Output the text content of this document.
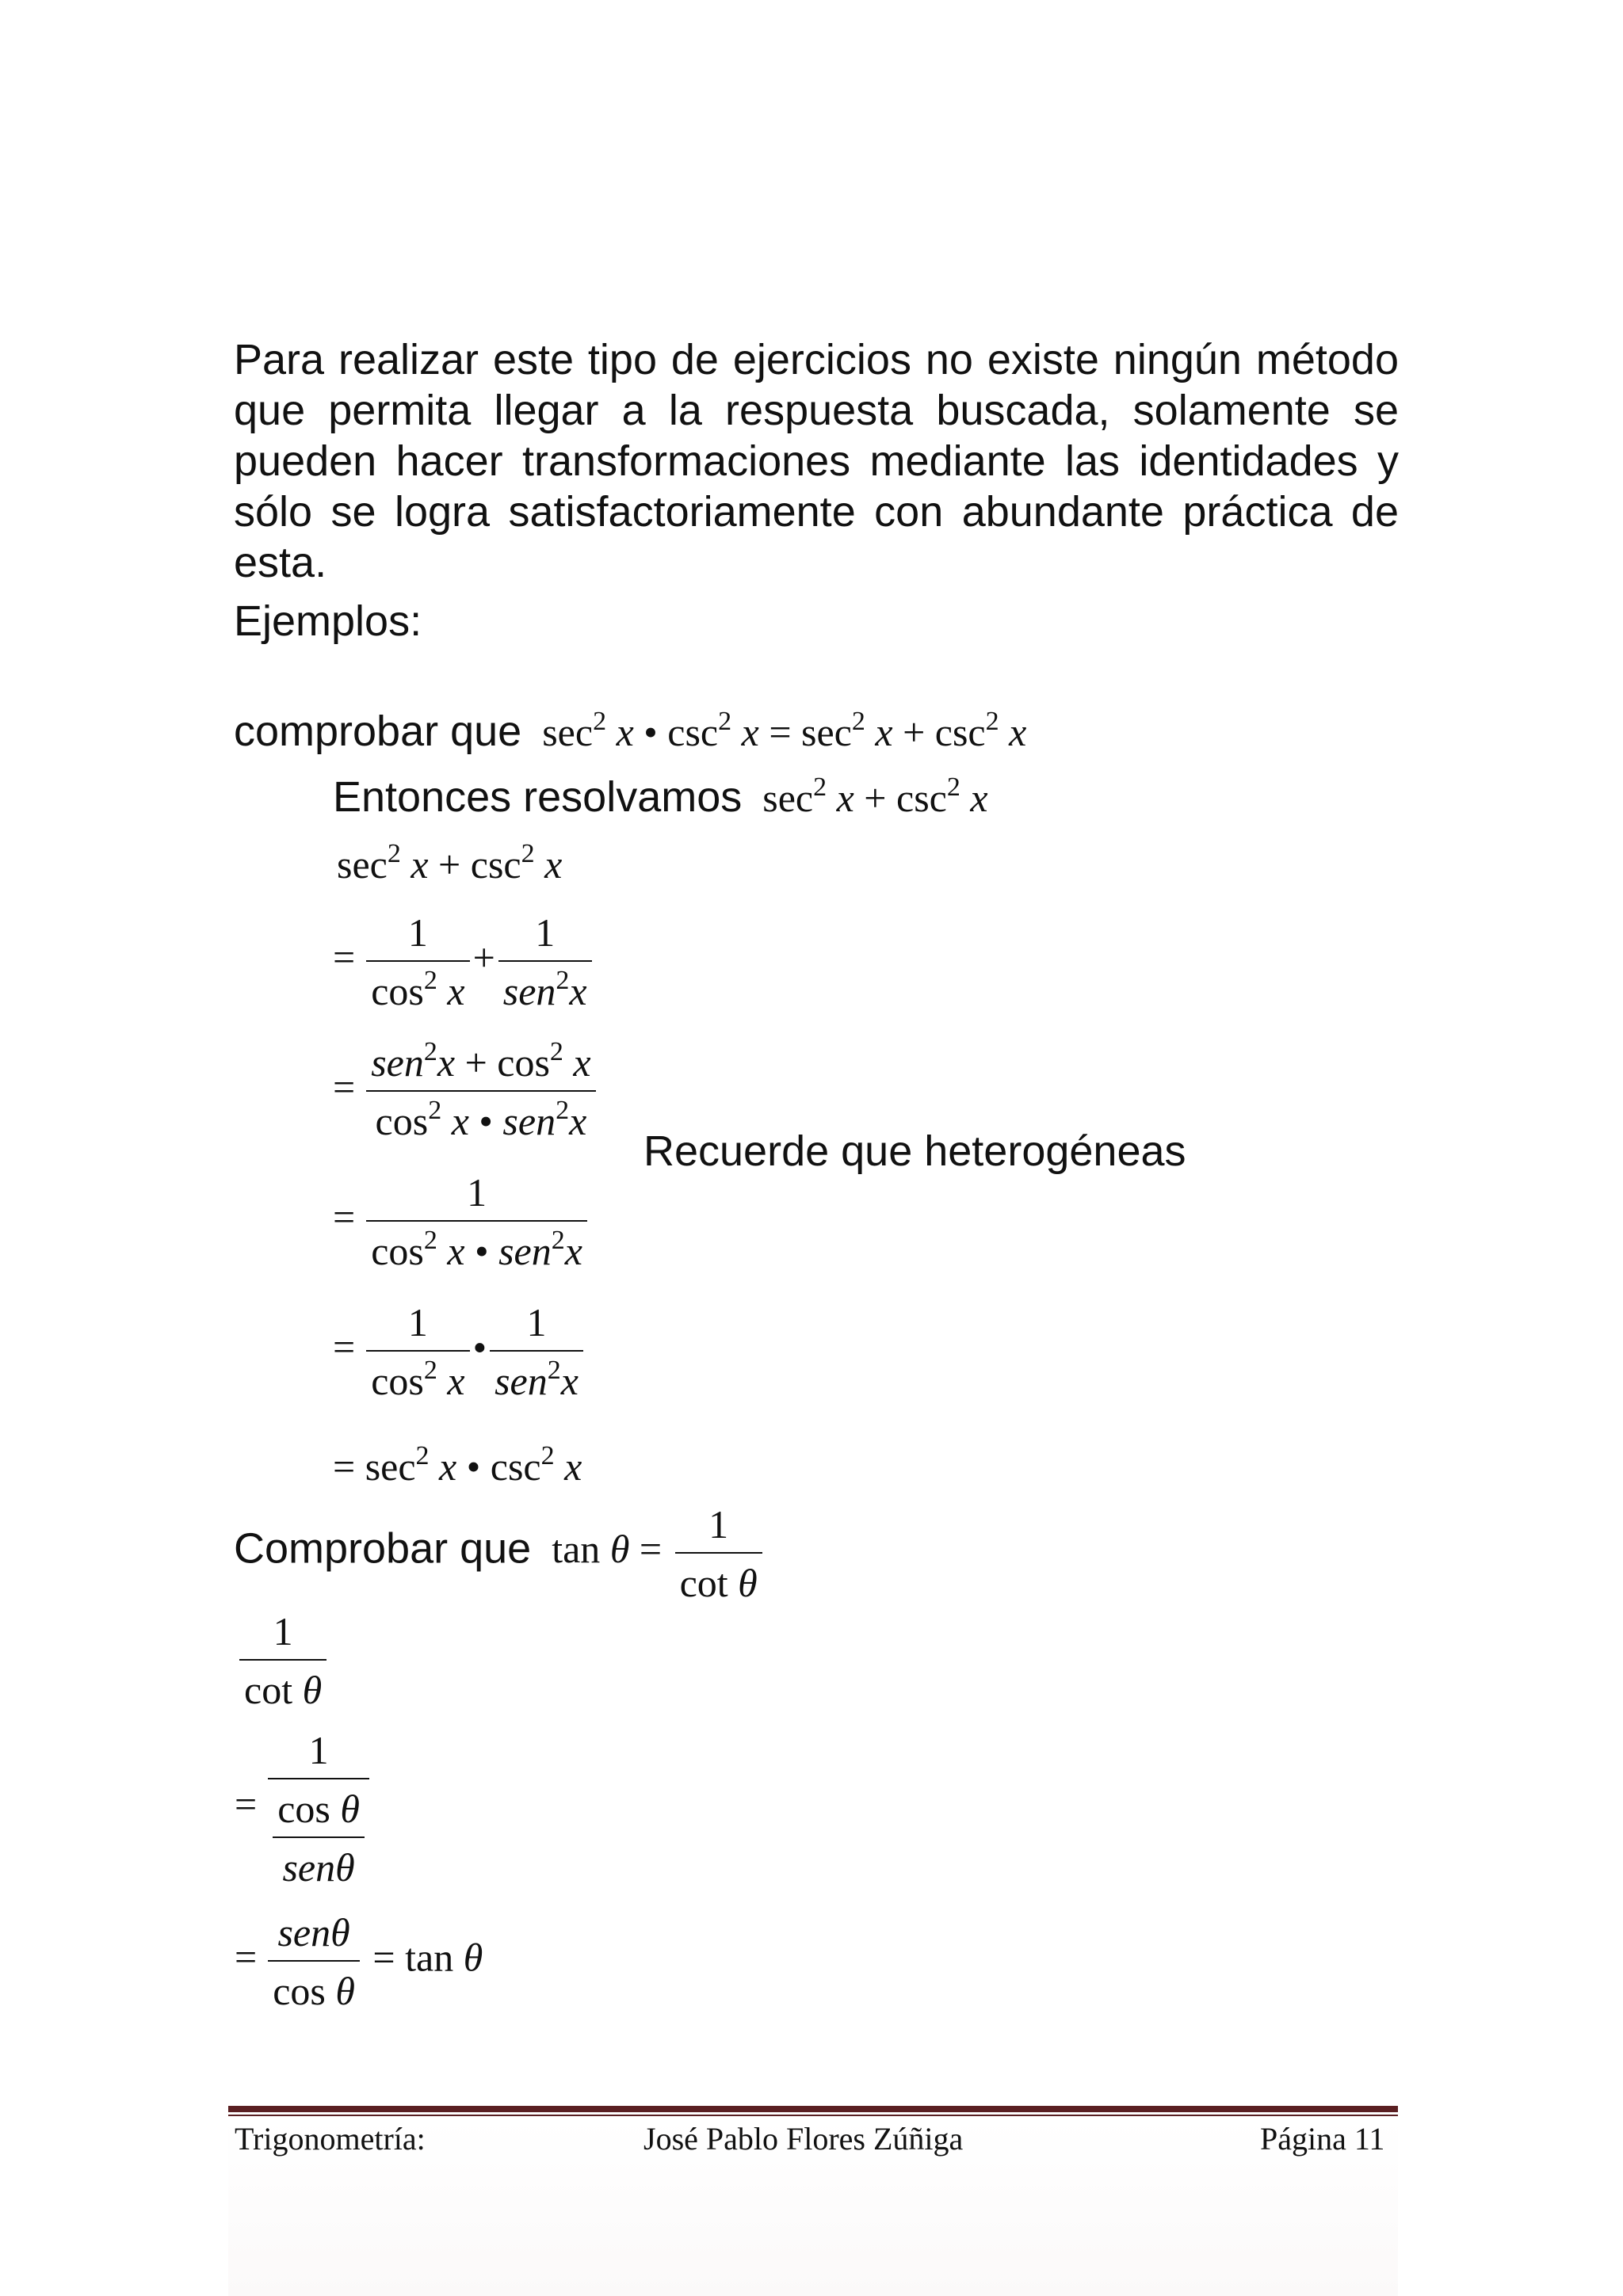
Para realizar este tipo de ejercicios no existe ningún método que permita llegar a la respuesta buscada, solamente se pueden hacer transformaciones mediante las identidades y sólo se logra satisfactoriamente con abundante práctica de esta.

Ejemplos:
comprobar que  $\sec^2 x$ • $\csc^2 x = \sec^2 x + \csc^2 x$
Entonces resolvamos  $\sec^2 x + \csc^2 x$
$\sec^2 x + \csc^2 x$
= $\frac{1}{\cos^2 x} + \frac{1}{sen^2x}$
= $\frac{sen^2x + \cos^2 x}{\cos^2 x • sen^2x}$
Recuerde que heterogéneas
= $\frac{1}{\cos^2 x • sen^2x}$
= $\frac{1}{\cos^2 x}$ • $\frac{1}{sen^2x}$
= $\sec^2 x$ • $\csc^2 x$
Comprobar que  $\tan \theta = \frac{1}{\text{cot θ}}$
$\frac{1}{\text{cot θ}}$
= $\frac{1}{\frac{\text{cos θ}}{\text{senθ}}}$
= $\frac{\text{senθ}}{\text{cos θ}} = \tan \theta$
Trigonometría:	José Pablo Flores Zúñiga	Página 11
